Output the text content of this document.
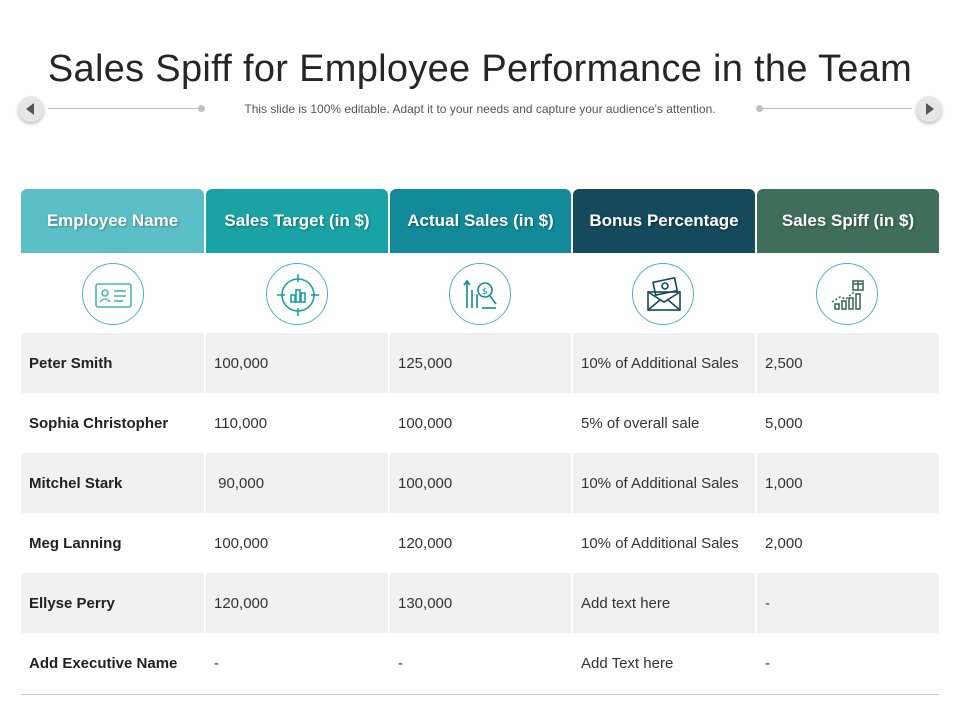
Sales Spiff for Employee Performance in the Team
This slide is 100% editable. Adapt it to your needs and capture your audience's attention.
Employee Name	Sales Target (in $)	Actual Sales (in $)	Bonus Percentage	Sales Spiff (in $)
$
Peter Smith	100,000	125,000	10% of Additional Sales	2,500
Sophia Christopher	110,000	100,000	5% of overall sale	5,000
Mitchel Stark	90,000	100,000	10% of Additional Sales	1,000
Meg Lanning	100,000	120,000	10% of Additional Sales	2,000
Ellyse Perry	120,000	130,000	Add text here	-
Add Executive Name	-	-	Add Text here	-
